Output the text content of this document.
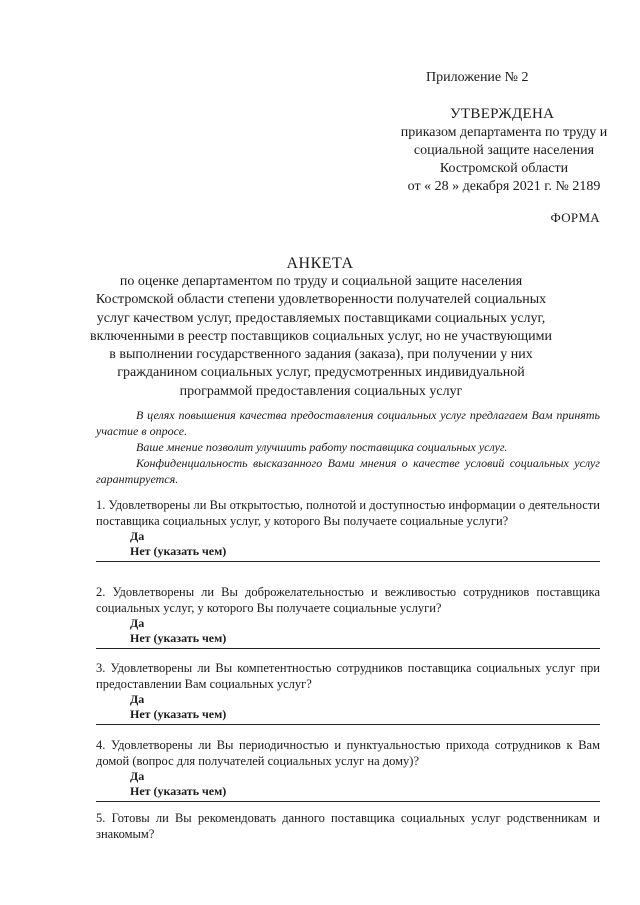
Приложение № 2
УТВЕРЖДЕНА
приказом департамента по труду и
социальной защите населения
Костромской области
от « 28 » декабря 2021 г. № 2189
ФОРМА
АНКЕТА
по оценке департаментом по труду и социальной защите населения Костромской области степени удовлетворенности получателей социальных услуг качеством услуг, предоставляемых поставщиками социальных услуг, включенными в реестр поставщиков социальных услуг, но не участвующими в выполнении государственного задания (заказа), при получении у них гражданином социальных услуг, предусмотренных индивидуальной программой предоставления социальных услуг

В целях повышения качества предоставления социальных услуг предлагаем Вам принять участие в опросе.

Ваше мнение позволит улучшить работу поставщика социальных услуг.

Конфиденциальность высказанного Вами мнения о качестве условий социальных услуг гарантируется.

1. Удовлетворены ли Вы открытостью, полнотой и доступностью информации о деятельности поставщика социальных услуг, у которого Вы получаете социальные услуги?

Да
Нет (указать чем)

2. Удовлетворены ли Вы доброжелательностью и вежливостью сотрудников поставщика социальных услуг, у которого Вы получаете социальные услуги?

Да
Нет (указать чем)

3. Удовлетворены ли Вы компетентностью сотрудников поставщика социальных услуг при предоставлении Вам социальных услуг?

Да
Нет (указать чем)

4. Удовлетворены ли Вы периодичностью и пунктуальностью прихода сотрудников к Вам домой (вопрос для получателей социальных услуг на дому)?

Да
Нет (указать чем)

5. Готовы ли Вы рекомендовать данного поставщика социальных услуг родственникам и знакомым?
